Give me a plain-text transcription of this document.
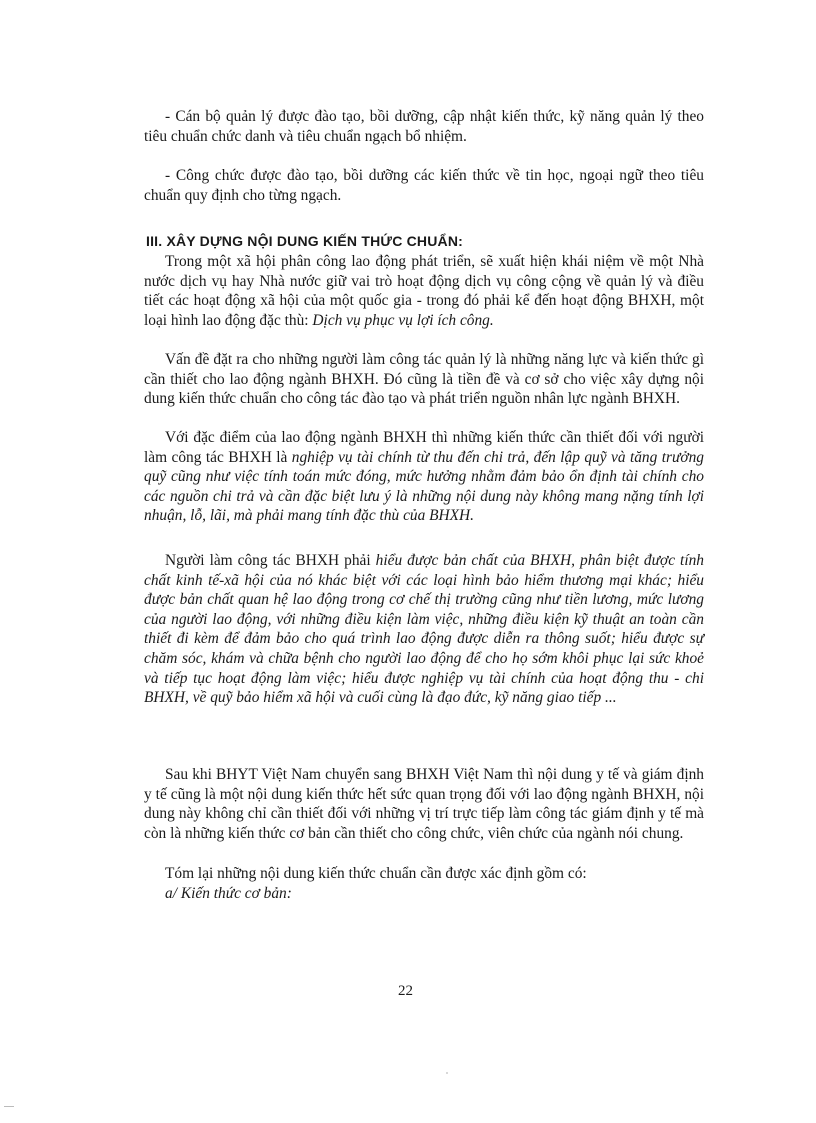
- Cán bộ quản lý được đào tạo, bồi dưỡng, cập nhật kiến thức, kỹ năng quản lý theo tiêu chuẩn chức danh và tiêu chuẩn ngạch bổ nhiệm.

- Công chức được đào tạo, bồi dưỡng các kiến thức về tin học, ngoại ngữ theo tiêu chuẩn quy định cho từng ngạch.

III. XÂY DỰNG NỘI DUNG KIẾN THỨC CHUẨN:

Trong một xã hội phân công lao động phát triển, sẽ xuất hiện khái niệm về một Nhà nước dịch vụ hay Nhà nước giữ vai trò hoạt động dịch vụ công cộng về quản lý và điều tiết các hoạt động xã hội của một quốc gia - trong đó phải kể đến hoạt động BHXH, một loại hình lao động đặc thù: Dịch vụ phục vụ lợi ích công.

Vấn đề đặt ra cho những người làm công tác quản lý là những năng lực và kiến thức gì cần thiết cho lao động ngành BHXH. Đó cũng là tiền đề và cơ sở cho việc xây dựng nội dung kiến thức chuẩn cho công tác đào tạo và phát triển nguồn nhân lực ngành BHXH.

Với đặc điểm của lao động ngành BHXH thì những kiến thức cần thiết đối với người làm công tác BHXH là nghiệp vụ tài chính từ thu đến chi trả, đến lập quỹ và tăng trưởng quỹ cũng như việc tính toán mức đóng, mức hưởng nhằm đảm bảo ổn định tài chính cho các nguồn chi trả và cần đặc biệt lưu ý là những nội dung này không mang nặng tính lợi nhuận, lỗ, lãi, mà phải mang tính đặc thù của BHXH.

Người làm công tác BHXH phải hiểu được bản chất của BHXH, phân biệt được tính chất kinh tế-xã hội của nó khác biệt với các loại hình bảo hiểm thương mại khác; hiểu được bản chất quan hệ lao động trong cơ chế thị trường cũng như tiền lương, mức lương của người lao động, với những điều kiện làm việc, những điều kiện kỹ thuật an toàn cần thiết đi kèm để đảm bảo cho quá trình lao động được diễn ra thông suốt; hiểu được sự chăm sóc, khám và chữa bệnh cho người lao động để cho họ sớm khôi phục lại sức khoẻ và tiếp tục hoạt động làm việc; hiểu được nghiệp vụ tài chính của hoạt động thu - chi BHXH, về quỹ bảo hiểm xã hội và cuối cùng là đạo đức, kỹ năng giao tiếp ...

Sau khi BHYT Việt Nam chuyển sang BHXH Việt Nam thì nội dung y tế và giám định y tế cũng là một nội dung kiến thức hết sức quan trọng đối với lao động ngành BHXH, nội dung này không chỉ cần thiết đối với những vị trí trực tiếp làm công tác giám định y tế mà còn là những kiến thức cơ bản cần thiết cho công chức, viên chức của ngành nói chung.

Tóm lại những nội dung kiến thức chuẩn cần được xác định gồm có:

a/ Kiến thức cơ bản:

22
